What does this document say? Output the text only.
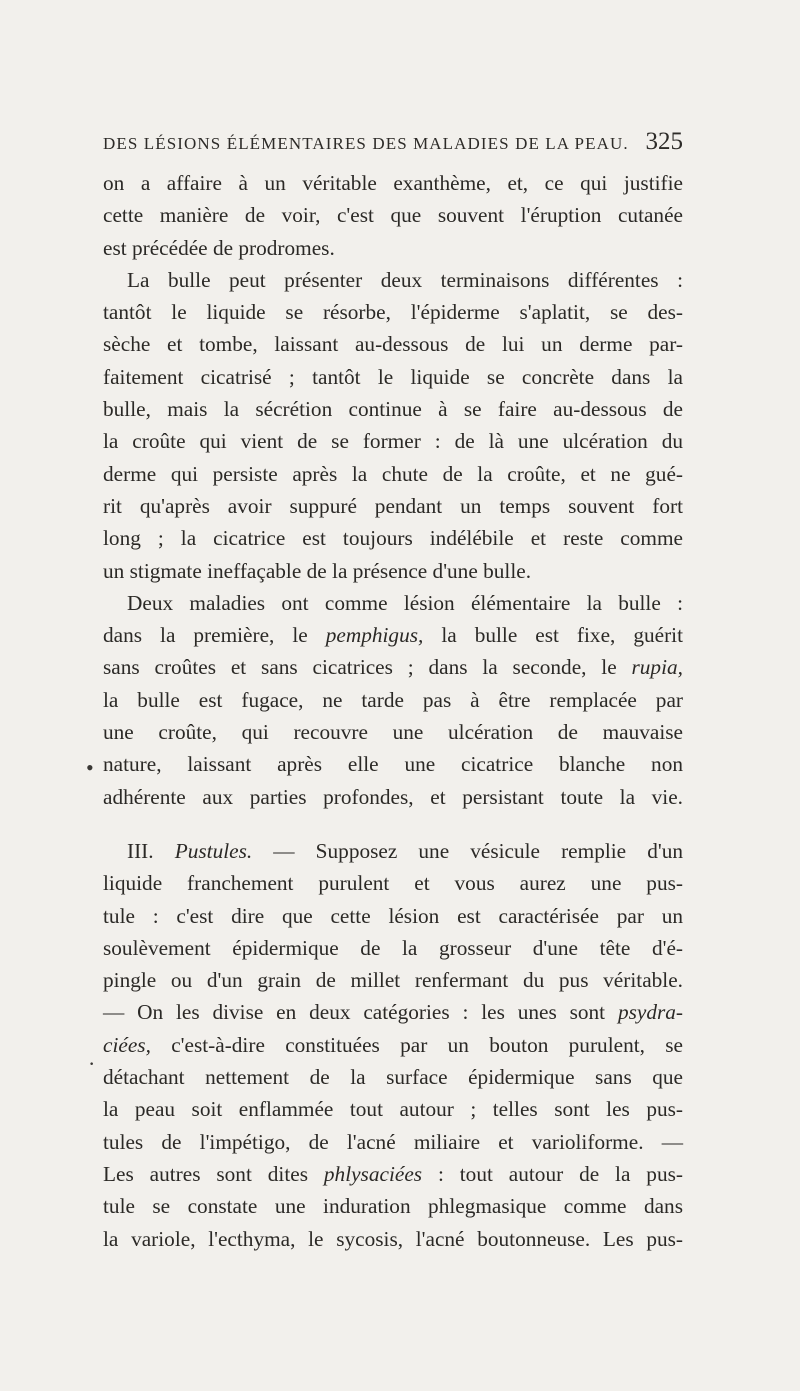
DES LÉSIONS ÉLÉMENTAIRES DES MALADIES DE LA PEAU. 325
on a affaire à un véritable exanthème, et, ce qui justifie
cette manière de voir, c'est que souvent l'éruption cutanée
est précédée de prodromes.
La bulle peut présenter deux terminaisons différentes :
tantôt le liquide se résorbe, l'épiderme s'aplatit, se des-
sèche et tombe, laissant au-dessous de lui un derme par-
faitement cicatrisé ; tantôt le liquide se concrète dans la
bulle, mais la sécrétion continue à se faire au-dessous de
la croûte qui vient de se former : de là une ulcération du
derme qui persiste après la chute de la croûte, et ne gué-
rit qu'après avoir suppuré pendant un temps souvent fort
long ; la cicatrice est toujours indélébile et reste comme
un stigmate ineffaçable de la présence d'une bulle.
Deux maladies ont comme lésion élémentaire la bulle :
dans la première, le pemphigus, la bulle est fixe, guérit
sans croûtes et sans cicatrices ; dans la seconde, le rupia,
la bulle est fugace, ne tarde pas à être remplacée par
une croûte, qui recouvre une ulcération de mauvaise
nature, laissant après elle une cicatrice blanche non
adhérente aux parties profondes, et persistant toute la vie.
III. Pustules. — Supposez une vésicule remplie d'un
liquide franchement purulent et vous aurez une pus-
tule : c'est dire que cette lésion est caractérisée par un
soulèvement épidermique de la grosseur d'une tête d'é-
pingle ou d'un grain de millet renfermant du pus véritable.
— On les divise en deux catégories : les unes sont psydra-
ciées, c'est-à-dire constituées par un bouton purulent, se
détachant nettement de la surface épidermique sans que
la peau soit enflammée tout autour ; telles sont les pus-
tules de l'impétigo, de l'acné miliaire et varioliforme. —
Les autres sont dites phlysaciées : tout autour de la pus-
tule se constate une induration phlegmasique comme dans
la variole, l'ecthyma, le sycosis, l'acné boutonneuse. Les pus-
•
·
